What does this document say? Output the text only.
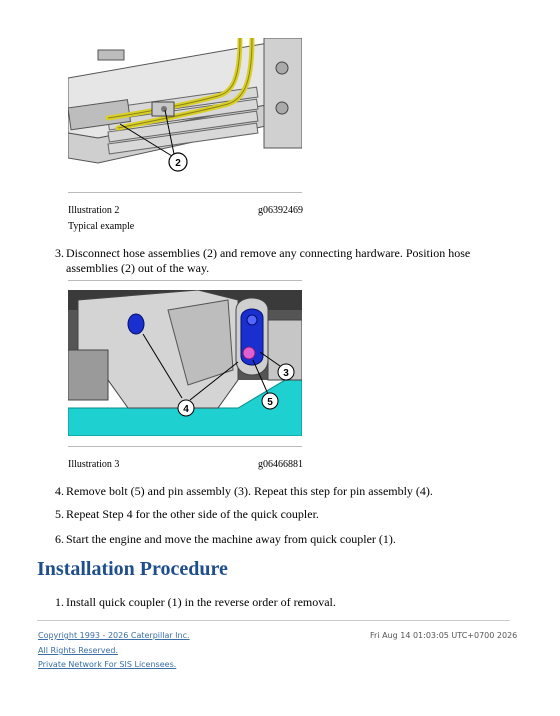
2
Illustration 2	g06392469
Typical example
3. Disconnect hose assemblies (2) and remove any connecting hardware. Position hose assemblies (2) out of the way.
3
4
5
Illustration 3	g06466881
4. Remove bolt (5) and pin assembly (3). Repeat this step for pin assembly (4).
5. Repeat Step 4 for the other side of the quick coupler.
6. Start the engine and move the machine away from quick coupler (1).
Installation Procedure
1. Install quick coupler (1) in the reverse order of removal.
Copyright 1993 - 2026 Caterpillar Inc.
All Rights Reserved.
Private Network For SIS Licensees.
Fri Aug 14 01:03:05 UTC+0700 2026
